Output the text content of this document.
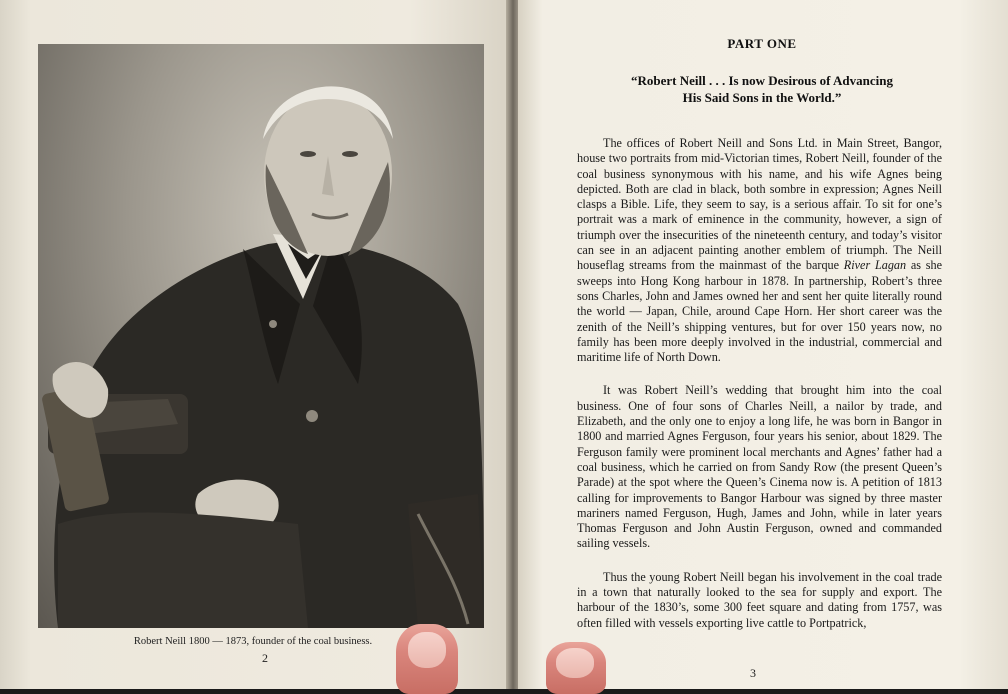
Robert Neill 1800 — 1873, founder of the coal business.
2
PART ONE
“Robert Neill . . . Is now Desirous of Advancing
His Said Sons in the World.”

The offices of Robert Neill and Sons Ltd. in Main Street, Bangor, house two portraits from mid-Victorian times, Robert Neill, founder of the coal business synonymous with his name, and his wife Agnes being depicted. Both are clad in black, both sombre in expression; Agnes Neill clasps a Bible. Life, they seem to say, is a serious affair. To sit for one’s portrait was a mark of eminence in the community, however, a sign of triumph over the insecurities of the nineteenth century, and today’s visitor can see in an adjacent painting another emblem of triumph. The Neill houseflag streams from the mainmast of the barque River Lagan as she sweeps into Hong Kong harbour in 1878. In partnership, Robert’s three sons Charles, John and James owned her and sent her quite literally round the world — Japan, Chile, around Cape Horn. Her short career was the zenith of the Neill’s shipping ventures, but for over 150 years now, no family has been more deeply involved in the industrial, commercial and maritime life of North Down.

It was Robert Neill’s wedding that brought him into the coal business. One of four sons of Charles Neill, a nailor by trade, and Elizabeth, and the only one to enjoy a long life, he was born in Bangor in 1800 and married Agnes Ferguson, four years his senior, about 1829. The Ferguson family were prominent local merchants and Agnes’ father had a coal business, which he carried on from Sandy Row (the present Queen’s Parade) at the spot where the Queen’s Cinema now is. A petition of 1813 calling for improvements to Bangor Harbour was signed by three master mariners named Ferguson, Hugh, James and John, while in later years Thomas Ferguson and John Austin Ferguson, owned and commanded sailing vessels.

Thus the young Robert Neill began his involvement in the coal trade in a town that naturally looked to the sea for supply and export. The harbour of the 1830’s, some 300 feet square and dating from 1757, was often filled with vessels exporting live cattle to Portpatrick,

3
